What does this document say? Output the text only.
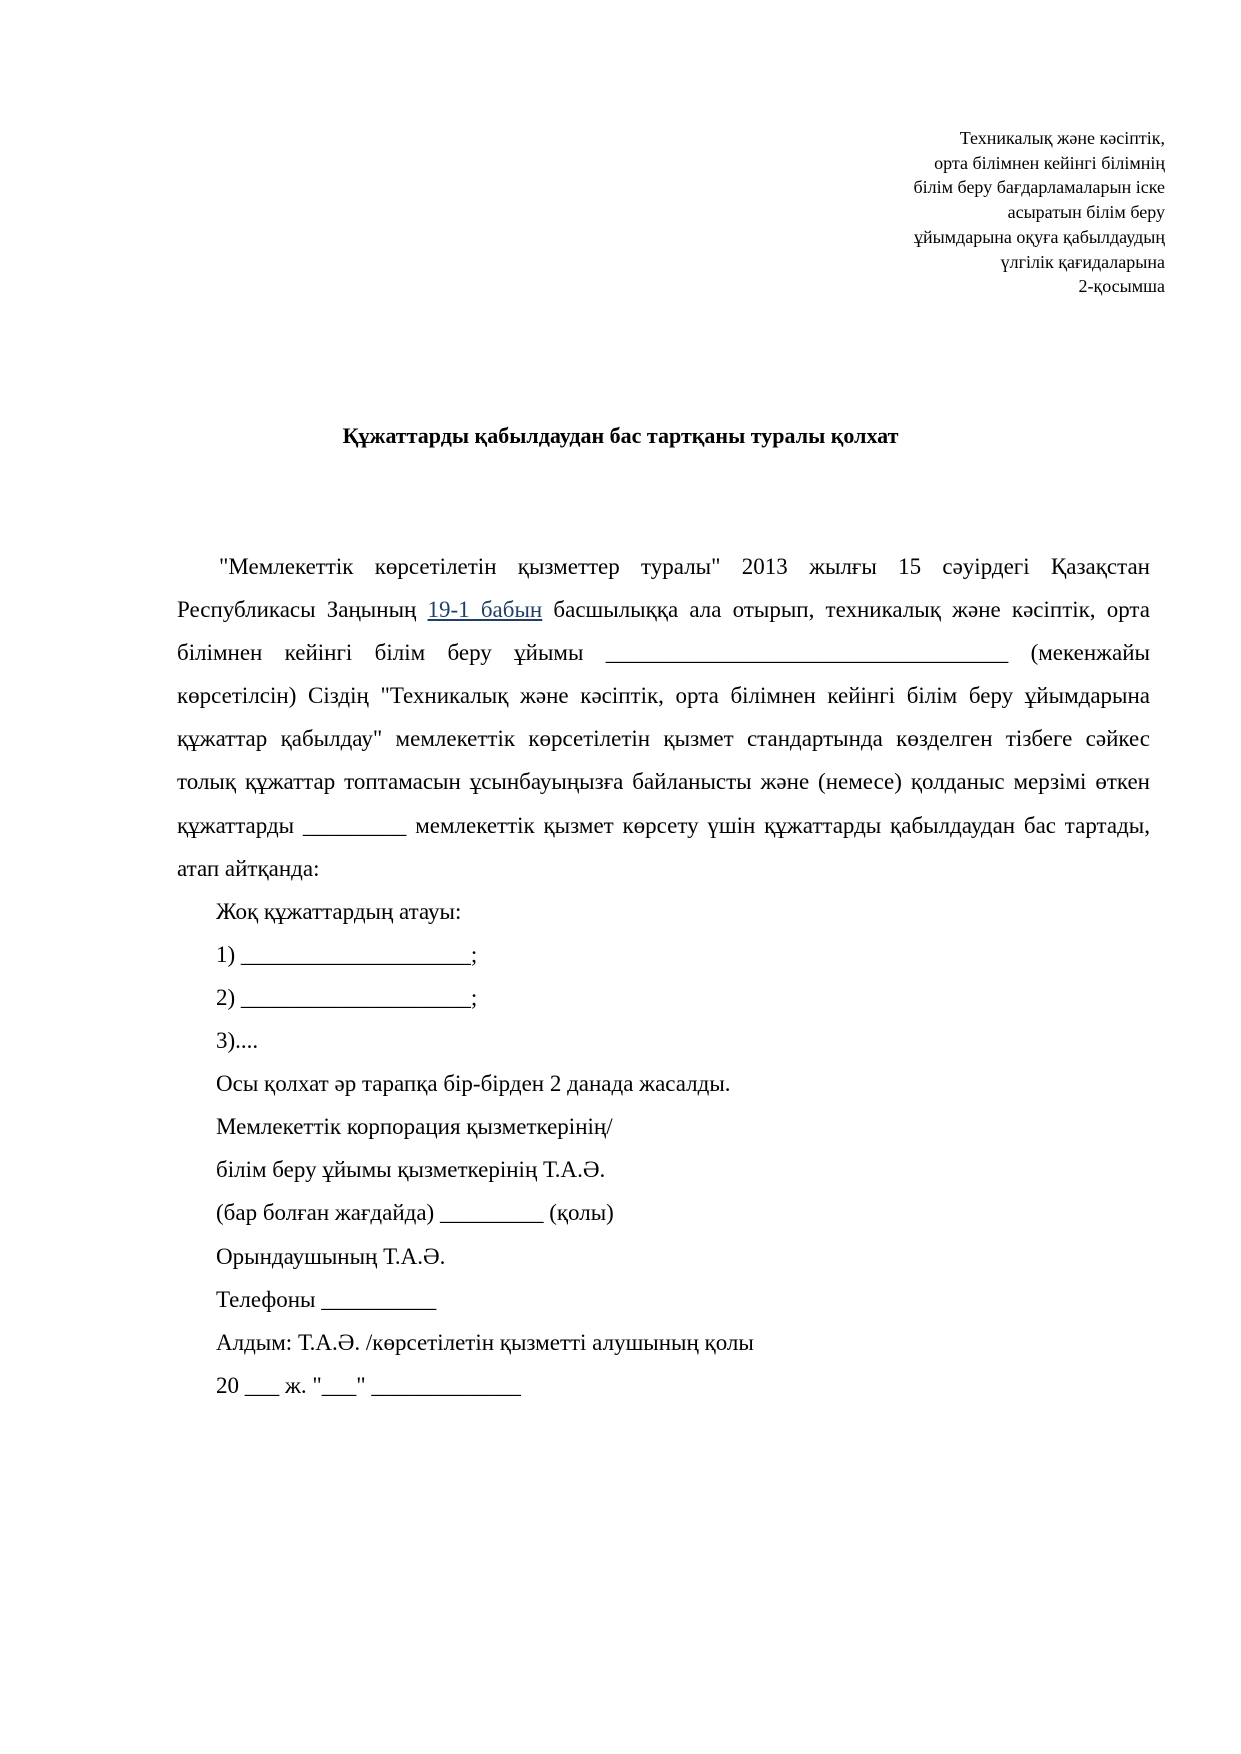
Техникалық және кәсіптік,
орта білімнен кейінгі білімнің
білім беру бағдарламаларын іске
асыратын білім беру
ұйымдарына оқуға қабылдаудың
үлгілік қағидаларына
2-қосымша
Құжаттарды қабылдаудан бас тартқаны туралы қолхат

"Мемлекеттік көрсетілетін қызметтер туралы" 2013 жылғы 15 сәуірдегі Қазақстан Республикасы Заңының 19-1 бабын басшылыққа ала отырып, техникалық және кәсіптік, орта білімнен кейінгі білім беру ұйымы ___________________________________ (мекенжайы көрсетілсін) Сіздің "Техникалық және кәсіптік, орта білімнен кейінгі білім беру ұйымдарына құжаттар қабылдау" мемлекеттік көрсетілетін қызмет стандартында көзделген тізбеге сәйкес толық құжаттар топтамасын ұсынбауыңызға байланысты және (немесе) қолданыс мерзімі өткен құжаттарды _________ мемлекеттік қызмет көрсету үшін құжаттарды қабылдаудан бас тартады, атап айтқанда:

Жоқ құжаттардың атауы:

1) ____________________;

2) ____________________;

3)....

Осы қолхат әр тарапқа бір-бірден 2 данада жасалды.

Мемлекеттік корпорация қызметкерінің/

білім беру ұйымы қызметкерінің Т.А.Ә.

(бар болған жағдайда) _________ (қолы)

Орындаушының Т.А.Ә.

Телефоны __________

Алдым: Т.А.Ә. /көрсетілетін қызметті алушының қолы

20 ___ ж. "___" _____________
